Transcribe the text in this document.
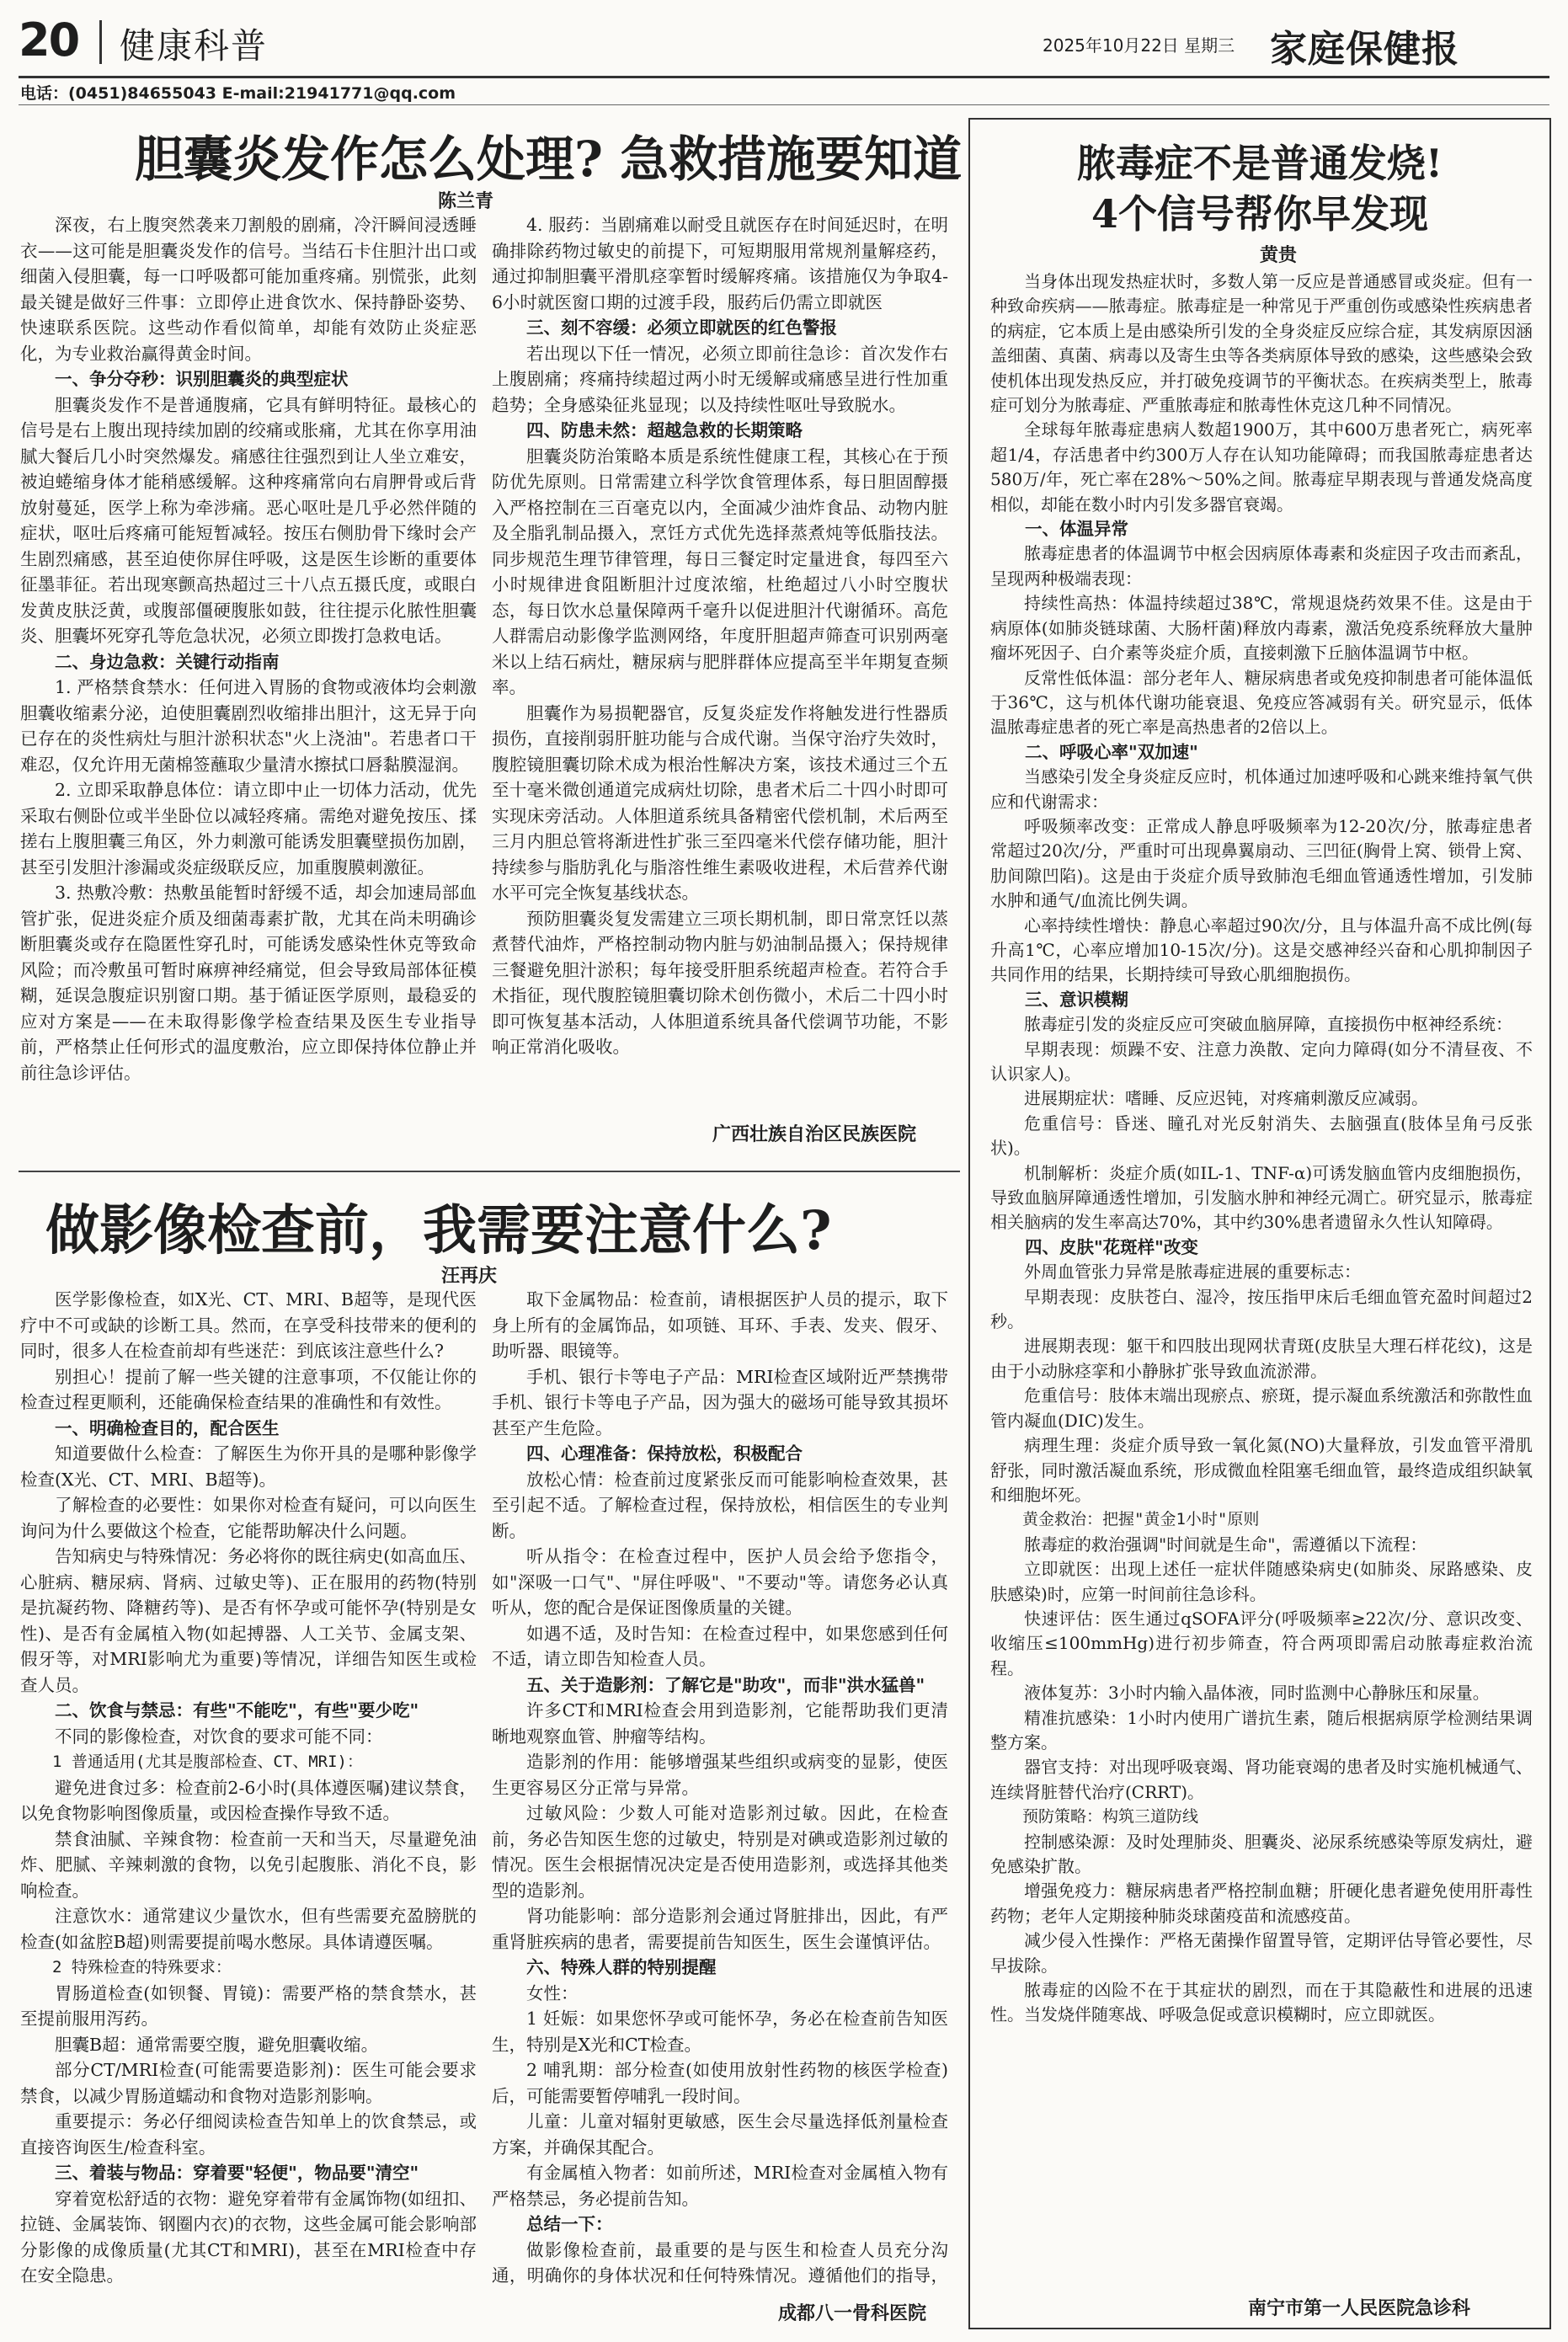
20 健康科普	2025年10月22日 星期三 家庭保健报
电话：(0451)84655043 E-mail:21941771@qq.com
胆囊炎发作怎么处理? 急救措施要知道
陈兰青

深夜，右上腹突然袭来刀割般的剧痛，冷汗瞬间浸透睡衣——这可能是胆囊炎发作的信号。当结石卡住胆汁出口或细菌入侵胆囊，每一口呼吸都可能加重疼痛。别慌张，此刻最关键是做好三件事：立即停止进食饮水、保持静卧姿势、快速联系医院。这些动作看似简单，却能有效防止炎症恶化，为专业救治赢得黄金时间。

一、争分夺秒：识别胆囊炎的典型症状

胆囊炎发作不是普通腹痛，它具有鲜明特征。最核心的信号是右上腹出现持续加剧的绞痛或胀痛，尤其在你享用油腻大餐后几小时突然爆发。痛感往往强烈到让人坐立难安，被迫蜷缩身体才能稍感缓解。这种疼痛常向右肩胛骨或后背放射蔓延，医学上称为牵涉痛。恶心呕吐是几乎必然伴随的症状，呕吐后疼痛可能短暂减轻。按压右侧肋骨下缘时会产生剧烈痛感，甚至迫使你屏住呼吸，这是医生诊断的重要体征墨菲征。若出现寒颤高热超过三十八点五摄氏度，或眼白发黄皮肤泛黄，或腹部僵硬腹胀如鼓，往往提示化脓性胆囊炎、胆囊坏死穿孔等危急状况，必须立即拨打急救电话。

二、身边急救：关键行动指南

1. 严格禁食禁水：任何进入胃肠的食物或液体均会刺激胆囊收缩素分泌，迫使胆囊剧烈收缩排出胆汁，这无异于向已存在的炎性病灶与胆汁淤积状态"火上浇油"。若患者口干难忍，仅允许用无菌棉签蘸取少量清水擦拭口唇黏膜湿润。

2. 立即采取静息体位：请立即中止一切体力活动，优先采取右侧卧位或半坐卧位以减轻疼痛。需绝对避免按压、揉搓右上腹胆囊三角区，外力刺激可能诱发胆囊壁损伤加剧，甚至引发胆汁渗漏或炎症级联反应，加重腹膜刺激征。

3. 热敷冷敷：热敷虽能暂时舒缓不适，却会加速局部血管扩张，促进炎症介质及细菌毒素扩散，尤其在尚未明确诊断胆囊炎或存在隐匿性穿孔时，可能诱发感染性休克等致命风险；而冷敷虽可暂时麻痹神经痛觉，但会导致局部体征模糊，延误急腹症识别窗口期。基于循证医学原则，最稳妥的应对方案是——在未取得影像学检查结果及医生专业指导前，严格禁止任何形式的温度敷治，应立即保持体位静止并前往急诊评估。

4. 服药：当剧痛难以耐受且就医存在时间延迟时，在明确排除药物过敏史的前提下，可短期服用常规剂量解痉药，通过抑制胆囊平滑肌痉挛暂时缓解疼痛。该措施仅为争取4-6小时就医窗口期的过渡手段，服药后仍需立即就医

三、刻不容缓：必须立即就医的红色警报

若出现以下任一情况，必须立即前往急诊：首次发作右上腹剧痛；疼痛持续超过两小时无缓解或痛感呈进行性加重趋势；全身感染征兆显现；以及持续性呕吐导致脱水。

四、防患未然：超越急救的长期策略

胆囊炎防治策略本质是系统性健康工程，其核心在于预防优先原则。日常需建立科学饮食管理体系，每日胆固醇摄入严格控制在三百毫克以内，全面减少油炸食品、动物内脏及全脂乳制品摄入，烹饪方式优先选择蒸煮炖等低脂技法。同步规范生理节律管理，每日三餐定时定量进食，每四至六小时规律进食阻断胆汁过度浓缩，杜绝超过八小时空腹状态，每日饮水总量保障两千毫升以促进胆汁代谢循环。高危人群需启动影像学监测网络，年度肝胆超声筛查可识别两毫米以上结石病灶，糖尿病与肥胖群体应提高至半年期复查频率。

胆囊作为易损靶器官，反复炎症发作将触发进行性器质损伤，直接削弱肝脏功能与合成代谢。当保守治疗失效时，腹腔镜胆囊切除术成为根治性解决方案，该技术通过三个五至十毫米微创通道完成病灶切除，患者术后二十四小时即可实现床旁活动。人体胆道系统具备精密代偿机制，术后两至三月内胆总管将渐进性扩张三至四毫米代偿存储功能，胆汁持续参与脂肪乳化与脂溶性维生素吸收进程，术后营养代谢水平可完全恢复基线状态。

预防胆囊炎复发需建立三项长期机制，即日常烹饪以蒸煮替代油炸，严格控制动物内脏与奶油制品摄入；保持规律三餐避免胆汁淤积；每年接受肝胆系统超声检查。若符合手术指征，现代腹腔镜胆囊切除术创伤微小，术后二十四小时即可恢复基本活动，人体胆道系统具备代偿调节功能，不影响正常消化吸收。

广西壮族自治区民族医院
做影像检查前，我需要注意什么?
汪再庆

医学影像检查，如X光、CT、MRI、B超等，是现代医疗中不可或缺的诊断工具。然而，在享受科技带来的便利的同时，很多人在检查前却有些迷茫：到底该注意些什么?

别担心！提前了解一些关键的注意事项，不仅能让你的检查过程更顺利，还能确保检查结果的准确性和有效性。

一、明确检查目的，配合医生

知道要做什么检查：了解医生为你开具的是哪种影像学检查(X光、CT、MRI、B超等)。

了解检查的必要性：如果你对检查有疑问，可以向医生询问为什么要做这个检查，它能帮助解决什么问题。

告知病史与特殊情况：务必将你的既往病史(如高血压、心脏病、糖尿病、肾病、过敏史等)、正在服用的药物(特别是抗凝药物、降糖药等)、是否有怀孕或可能怀孕(特别是女性)、是否有金属植入物(如起搏器、人工关节、金属支架、假牙等，对MRI影响尤为重要)等情况，详细告知医生或检查人员。

二、饮食与禁忌：有些"不能吃"，有些"要少吃"

不同的影像检查，对饮食的要求可能不同：

1 普通适用(尤其是腹部检查、CT、MRI)：

避免进食过多：检查前2-6小时(具体遵医嘱)建议禁食，以免食物影响图像质量，或因检查操作导致不适。

禁食油腻、辛辣食物：检查前一天和当天，尽量避免油炸、肥腻、辛辣刺激的食物，以免引起腹胀、消化不良，影响检查。

注意饮水：通常建议少量饮水，但有些需要充盈膀胱的检查(如盆腔B超)则需要提前喝水憋尿。具体请遵医嘱。

2 特殊检查的特殊要求：

胃肠道检查(如钡餐、胃镜)：需要严格的禁食禁水，甚至提前服用泻药。

胆囊B超：通常需要空腹，避免胆囊收缩。

部分CT/MRI检查(可能需要造影剂)：医生可能会要求禁食，以减少胃肠道蠕动和食物对造影剂影响。

重要提示：务必仔细阅读检查告知单上的饮食禁忌，或直接咨询医生/检查科室。

三、着装与物品：穿着要"轻便"，物品要"清空"

穿着宽松舒适的衣物：避免穿着带有金属饰物(如纽扣、拉链、金属装饰、钢圈内衣)的衣物，这些金属可能会影响部分影像的成像质量(尤其CT和MRI)，甚至在MRI检查中存在安全隐患。

取下金属物品：检查前，请根据医护人员的提示，取下身上所有的金属饰品，如项链、耳环、手表、发夹、假牙、助听器、眼镜等。

手机、银行卡等电子产品：MRI检查区域附近严禁携带手机、银行卡等电子产品，因为强大的磁场可能导致其损坏甚至产生危险。

四、心理准备：保持放松，积极配合

放松心情：检查前过度紧张反而可能影响检查效果，甚至引起不适。了解检查过程，保持放松，相信医生的专业判断。

听从指令：在检查过程中，医护人员会给予您指令，如"深吸一口气"、"屏住呼吸"、"不要动"等。请您务必认真听从，您的配合是保证图像质量的关键。

如遇不适，及时告知：在检查过程中，如果您感到任何不适，请立即告知检查人员。

五、关于造影剂：了解它是"助攻"，而非"洪水猛兽"

许多CT和MRI检查会用到造影剂，它能帮助我们更清晰地观察血管、肿瘤等结构。

造影剂的作用：能够增强某些组织或病变的显影，使医生更容易区分正常与异常。

过敏风险：少数人可能对造影剂过敏。因此，在检查前，务必告知医生您的过敏史，特别是对碘或造影剂过敏的情况。医生会根据情况决定是否使用造影剂，或选择其他类型的造影剂。

肾功能影响：部分造影剂会通过肾脏排出，因此，有严重肾脏疾病的患者，需要提前告知医生，医生会谨慎评估。

六、特殊人群的特别提醒

女性：

1 妊娠：如果您怀孕或可能怀孕，务必在检查前告知医生，特别是X光和CT检查。

2 哺乳期：部分检查(如使用放射性药物的核医学检查)后，可能需要暂停哺乳一段时间。

儿童：儿童对辐射更敏感，医生会尽量选择低剂量检查方案，并确保其配合。

有金属植入物者：如前所述，MRI检查对金属植入物有严格禁忌，务必提前告知。

总结一下：

做影像检查前，最重要的是与医生和检查人员充分沟通，明确你的身体状况和任何特殊情况。遵循他们的指导，

成都八一骨科医院
脓毒症不是普通发烧!
4个信号帮你早发现
黄贵

当身体出现发热症状时，多数人第一反应是普通感冒或炎症。但有一种致命疾病——脓毒症。脓毒症是一种常见于严重创伤或感染性疾病患者的病症，它本质上是由感染所引发的全身炎症反应综合症，其发病原因涵盖细菌、真菌、病毒以及寄生虫等各类病原体导致的感染，这些感染会致使机体出现发热反应，并打破免疫调节的平衡状态。在疾病类型上，脓毒症可划分为脓毒症、严重脓毒症和脓毒性休克这几种不同情况。

全球每年脓毒症患病人数超1900万，其中600万患者死亡，病死率超1/4，存活患者中约300万人存在认知功能障碍；而我国脓毒症患者达580万/年，死亡率在28%～50%之间。脓毒症早期表现与普通发烧高度相似，却能在数小时内引发多器官衰竭。

一、体温异常

脓毒症患者的体温调节中枢会因病原体毒素和炎症因子攻击而紊乱，呈现两种极端表现：

持续性高热：体温持续超过38℃，常规退烧药效果不佳。这是由于病原体(如肺炎链球菌、大肠杆菌)释放内毒素，激活免疫系统释放大量肿瘤坏死因子、白介素等炎症介质，直接刺激下丘脑体温调节中枢。

反常性低体温：部分老年人、糖尿病患者或免疫抑制患者可能体温低于36℃，这与机体代谢功能衰退、免疫应答减弱有关。研究显示，低体温脓毒症患者的死亡率是高热患者的2倍以上。

二、呼吸心率"双加速"

当感染引发全身炎症反应时，机体通过加速呼吸和心跳来维持氧气供应和代谢需求：

呼吸频率改变：正常成人静息呼吸频率为12-20次/分，脓毒症患者常超过20次/分，严重时可出现鼻翼扇动、三凹征(胸骨上窝、锁骨上窝、肋间隙凹陷)。这是由于炎症介质导致肺泡毛细血管通透性增加，引发肺水肿和通气/血流比例失调。

心率持续性增快：静息心率超过90次/分，且与体温升高不成比例(每升高1℃，心率应增加10-15次/分)。这是交感神经兴奋和心肌抑制因子共同作用的结果，长期持续可导致心肌细胞损伤。

三、意识模糊

脓毒症引发的炎症反应可突破血脑屏障，直接损伤中枢神经系统：

早期表现：烦躁不安、注意力涣散、定向力障碍(如分不清昼夜、不认识家人)。

进展期症状：嗜睡、反应迟钝，对疼痛刺激反应减弱。

危重信号：昏迷、瞳孔对光反射消失、去脑强直(肢体呈角弓反张状)。

机制解析：炎症介质(如IL-1、TNF-α)可诱发脑血管内皮细胞损伤，导致血脑屏障通透性增加，引发脑水肿和神经元凋亡。研究显示，脓毒症相关脑病的发生率高达70%，其中约30%患者遗留永久性认知障碍。

四、皮肤"花斑样"改变

外周血管张力异常是脓毒症进展的重要标志：

早期表现：皮肤苍白、湿冷，按压指甲床后毛细血管充盈时间超过2秒。

进展期表现：躯干和四肢出现网状青斑(皮肤呈大理石样花纹)，这是由于小动脉痉挛和小静脉扩张导致血流淤滞。

危重信号：肢体末端出现瘀点、瘀斑，提示凝血系统激活和弥散性血管内凝血(DIC)发生。

病理生理：炎症介质导致一氧化氮(NO)大量释放，引发血管平滑肌舒张，同时激活凝血系统，形成微血栓阻塞毛细血管，最终造成组织缺氧和细胞坏死。

黄金救治：把握"黄金1小时"原则

脓毒症的救治强调"时间就是生命"，需遵循以下流程：

立即就医：出现上述任一症状伴随感染病史(如肺炎、尿路感染、皮肤感染)时，应第一时间前往急诊科。

快速评估：医生通过qSOFA评分(呼吸频率≥22次/分、意识改变、收缩压≤100mmHg)进行初步筛查，符合两项即需启动脓毒症救治流程。

液体复苏：3小时内输入晶体液，同时监测中心静脉压和尿量。

精准抗感染：1小时内使用广谱抗生素，随后根据病原学检测结果调整方案。

器官支持：对出现呼吸衰竭、肾功能衰竭的患者及时实施机械通气、连续肾脏替代治疗(CRRT)。

预防策略：构筑三道防线

控制感染源：及时处理肺炎、胆囊炎、泌尿系统感染等原发病灶，避免感染扩散。

增强免疫力：糖尿病患者严格控制血糖；肝硬化患者避免使用肝毒性药物；老年人定期接种肺炎球菌疫苗和流感疫苗。

减少侵入性操作：严格无菌操作留置导管，定期评估导管必要性，尽早拔除。

脓毒症的凶险不在于其症状的剧烈，而在于其隐蔽性和进展的迅速性。当发烧伴随寒战、呼吸急促或意识模糊时，应立即就医。

南宁市第一人民医院急诊科
